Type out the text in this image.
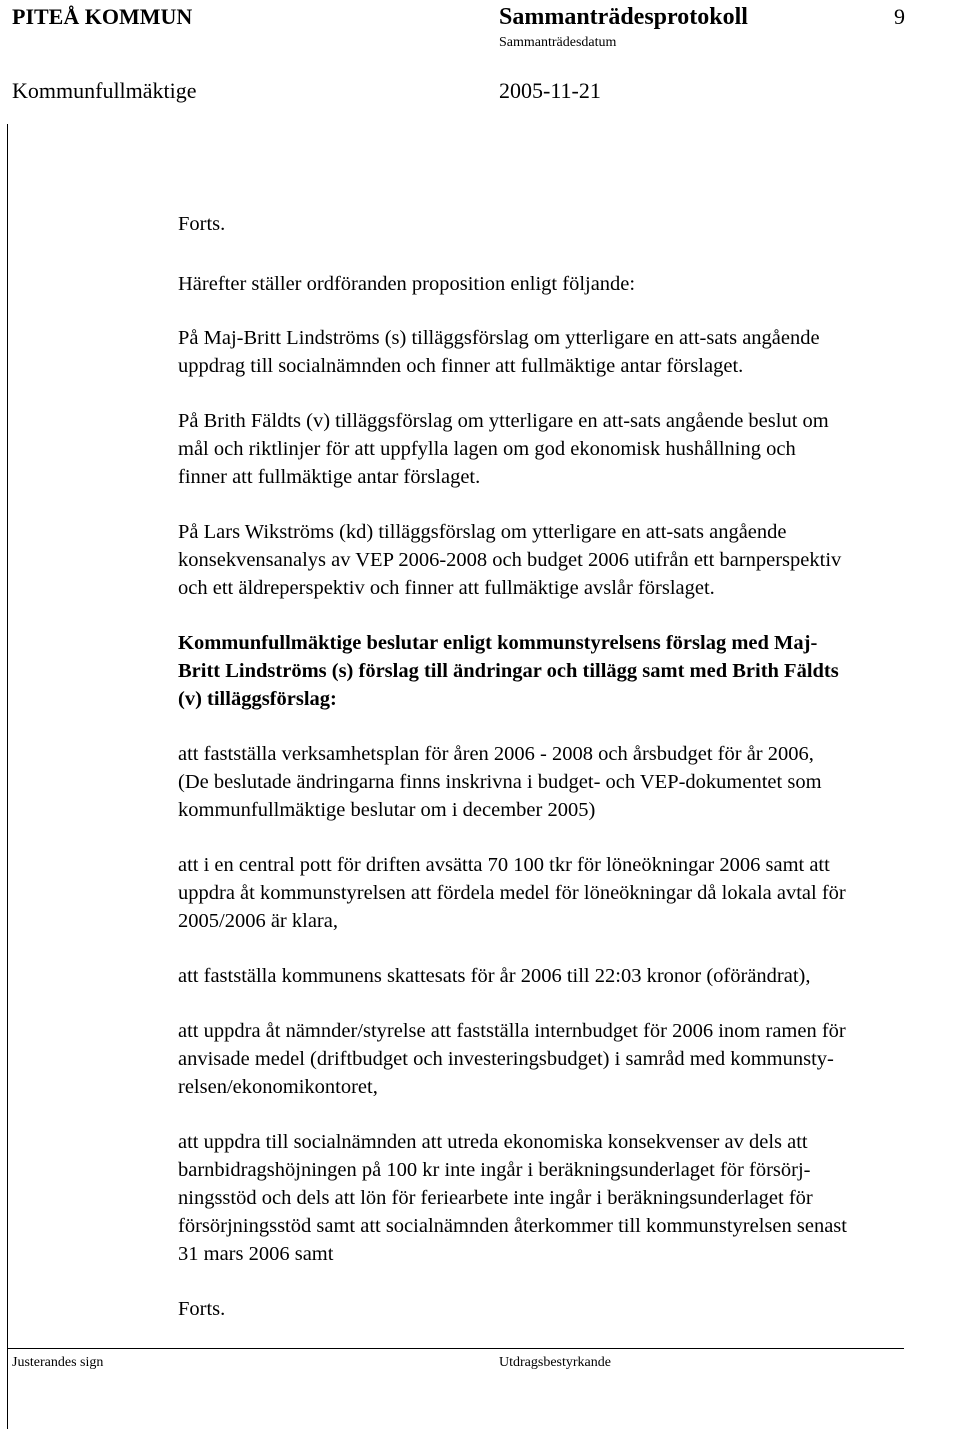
PITEÅ KOMMUN	Sammanträdesprotokoll	9
Sammanträdesdatum
Kommunfullmäktige	2005-11-21

Forts.

Härefter ställer ordföranden proposition enligt följande:

På Maj-Britt Lindströms (s) tilläggsförslag om ytterligare en att-sats angående
uppdrag till socialnämnden och finner att fullmäktige antar förslaget.

På Brith Fäldts (v) tilläggsförslag om ytterligare en att-sats angående beslut om
mål och riktlinjer för att uppfylla lagen om god ekonomisk hushållning och
finner att fullmäktige antar förslaget.

På Lars Wikströms (kd) tilläggsförslag om ytterligare en att-sats angående
konsekvensanalys av VEP 2006-2008 och budget 2006 utifrån ett barnperspektiv
och ett äldreperspektiv och finner att fullmäktige avslår förslaget.

Kommunfullmäktige beslutar enligt kommunstyrelsens förslag med Maj-
Britt Lindströms (s) förslag till ändringar och tillägg samt med Brith Fäldts
(v) tilläggsförslag:

att fastställa verksamhetsplan för åren 2006 - 2008 och årsbudget för år 2006,
(De beslutade ändringarna finns inskrivna i budget- och VEP-dokumentet som
kommunfullmäktige beslutar om i december 2005)

att i en central pott för driften avsätta 70 100 tkr för löneökningar 2006 samt att
uppdra åt kommunstyrelsen att fördela medel för löneökningar då lokala avtal för
2005/2006 är klara,

att fastställa kommunens skattesats för år 2006 till 22:03 kronor (oförändrat),

att uppdra åt nämnder/styrelse att fastställa internbudget för 2006 inom ramen för
anvisade medel (driftbudget och investeringsbudget) i samråd med kommunsty-
relsen/ekonomikontoret,

att uppdra till socialnämnden att utreda ekonomiska konsekvenser av dels att
barnbidragshöjningen på 100 kr inte ingår i beräkningsunderlaget för försörj-
ningsstöd och dels att lön för feriearbete inte ingår i beräkningsunderlaget för
försörjningsstöd samt att socialnämnden återkommer till kommunstyrelsen senast
31 mars 2006 samt

Forts.

Justerandes sign	Utdragsbestyrkande
